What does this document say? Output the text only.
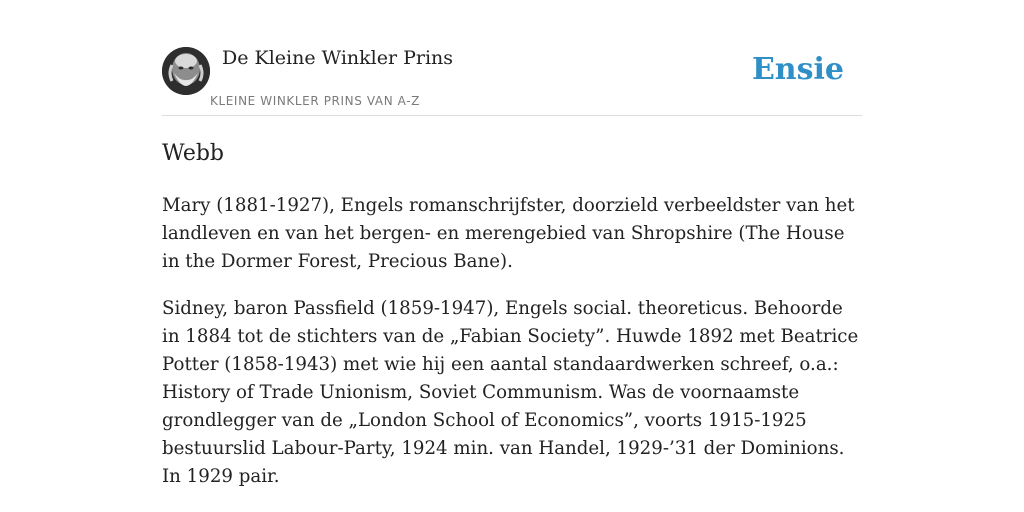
De Kleine Winkler Prins
KLEINE WINKLER PRINS VAN A-Z
Ensie
Webb

Mary (1881-1927), Engels romanschrijfster, doorzield verbeeldster van het landleven en van het bergen- en merengebied van Shropshire (The House in the Dormer Forest, Precious Bane).

Sidney, baron Passfield (1859-1947), Engels social. theoreticus. Behoorde in 1884 tot de stichters van de „Fabian Society”. Huwde 1892 met Beatrice Potter (1858-1943) met wie hij een aantal standaardwerken schreef, o.a.: History of Trade Unionism, Soviet Communism. Was de voornaamste grondlegger van de „London School of Economics”, voorts 1915-1925 bestuurslid Labour-Party, 1924 min. van Handel, 1929-’31 der Dominions. In 1929 pair.
